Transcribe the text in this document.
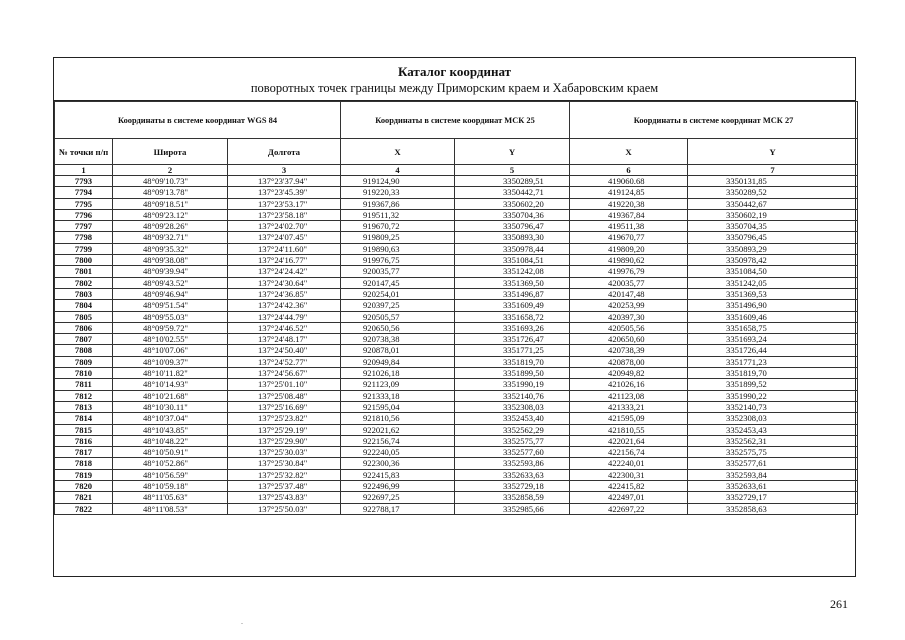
Каталог координат
поворотных точек границы между Приморским краем и Хабаровским краем
Координаты в системе координат WGS 84			Координаты в системе координат МСК 25		Координаты в системе координат МСК 27	
№ точки п/п	Широта	Долгота	X	Y	X	Y
1	2	3	4	5	6	7
7793	48°09'10.73"	137°23'37.94"	919124,90	3350289,51	419060.68	3350131,85
7794	48°09'13.78"	137°23'45.39"	919220,33	3350442,71	419124,85	3350289,52
7795	48°09'18.51"	137°23'53.17"	919367,86	3350602,20	419220,38	3350442,67
7796	48°09'23.12"	137°23'58.18"	919511,32	3350704,36	419367,84	3350602,19
7797	48°09'28.26"	137°24'02.70"	919670,72	3350796,47	419511,38	3350704,35
7798	48°09'32.71"	137°24'07.45"	919809,25	3350893,30	419670,77	3350796,45
7799	48°09'35.32"	137°24'11.60"	919890,63	3350978,44	419809,20	3350893,29
7800	48°09'38.08"	137°24'16.77"	919976,75	3351084,51	419890,62	3350978,42
7801	48°09'39.94"	137°24'24.42"	920035,77	3351242,08	419976,79	3351084,50
7802	48°09'43.52"	137°24'30.64"	920147,45	3351369,50	420035,77	3351242,05
7803	48°09'46.94"	137°24'36.85"	920254,01	3351496,87	420147,48	3351369,53
7804	48°09'51.54"	137°24'42.36"	920397,25	3351609,49	420253,99	3351496,90
7805	48°09'55.03"	137°24'44.79"	920505,57	3351658,72	420397,30	3351609,46
7806	48°09'59.72"	137°24'46.52"	920650,56	3351693,26	420505,56	3351658,75
7807	48°10'02.55"	137°24'48.17"	920738,38	3351726,47	420650,60	3351693,24
7808	48°10'07.06"	137°24'50.40"	920878,01	3351771,25	420738,39	3351726,44
7809	48°10'09.37"	137°24'52.77"	920949,84	3351819,70	420878,00	3351771,23
7810	48°10'11.82"	137°24'56.67"	921026,18	3351899,50	420949,82	3351819,70
7811	48°10'14.93"	137°25'01.10"	921123,09	3351990,19	421026,16	3351899,52
7812	48°10'21.68"	137°25'08.48"	921333,18	3352140,76	421123,08	3351990,22
7813	48°10'30.11"	137°25'16.69"	921595,04	3352308,03	421333,21	3352140,73
7814	48°10'37.04"	137°25'23.82"	921810,56	3352453,40	421595,09	3352308,03
7815	48°10'43.85"	137°25'29.19"	922021,62	3352562,29	421810,55	3352453,43
7816	48°10'48.22"	137°25'29.90"	922156,74	3352575,77	422021,64	3352562,31
7817	48°10'50.91"	137°25'30.03"	922240,05	3352577,60	422156,74	3352575,75
7818	48°10'52.86"	137°25'30.84"	922300,36	3352593,86	422240,01	3352577,61
7819	48°10'56.59"	137°25'32.82"	922415,83	3352633,63	422300,31	3352593,84
7820	48°10'59.18"	137°25'37.48"	922496,99	3352729,18	422415,82	3352633,61
7821	48°11'05.63"	137°25'43.83"	922697,25	3352858,59	422497,01	3352729,17
7822	48°11'08.53"	137°25'50.03"	922788,17	3352985,66	422697,22	3352858,63
261
.
